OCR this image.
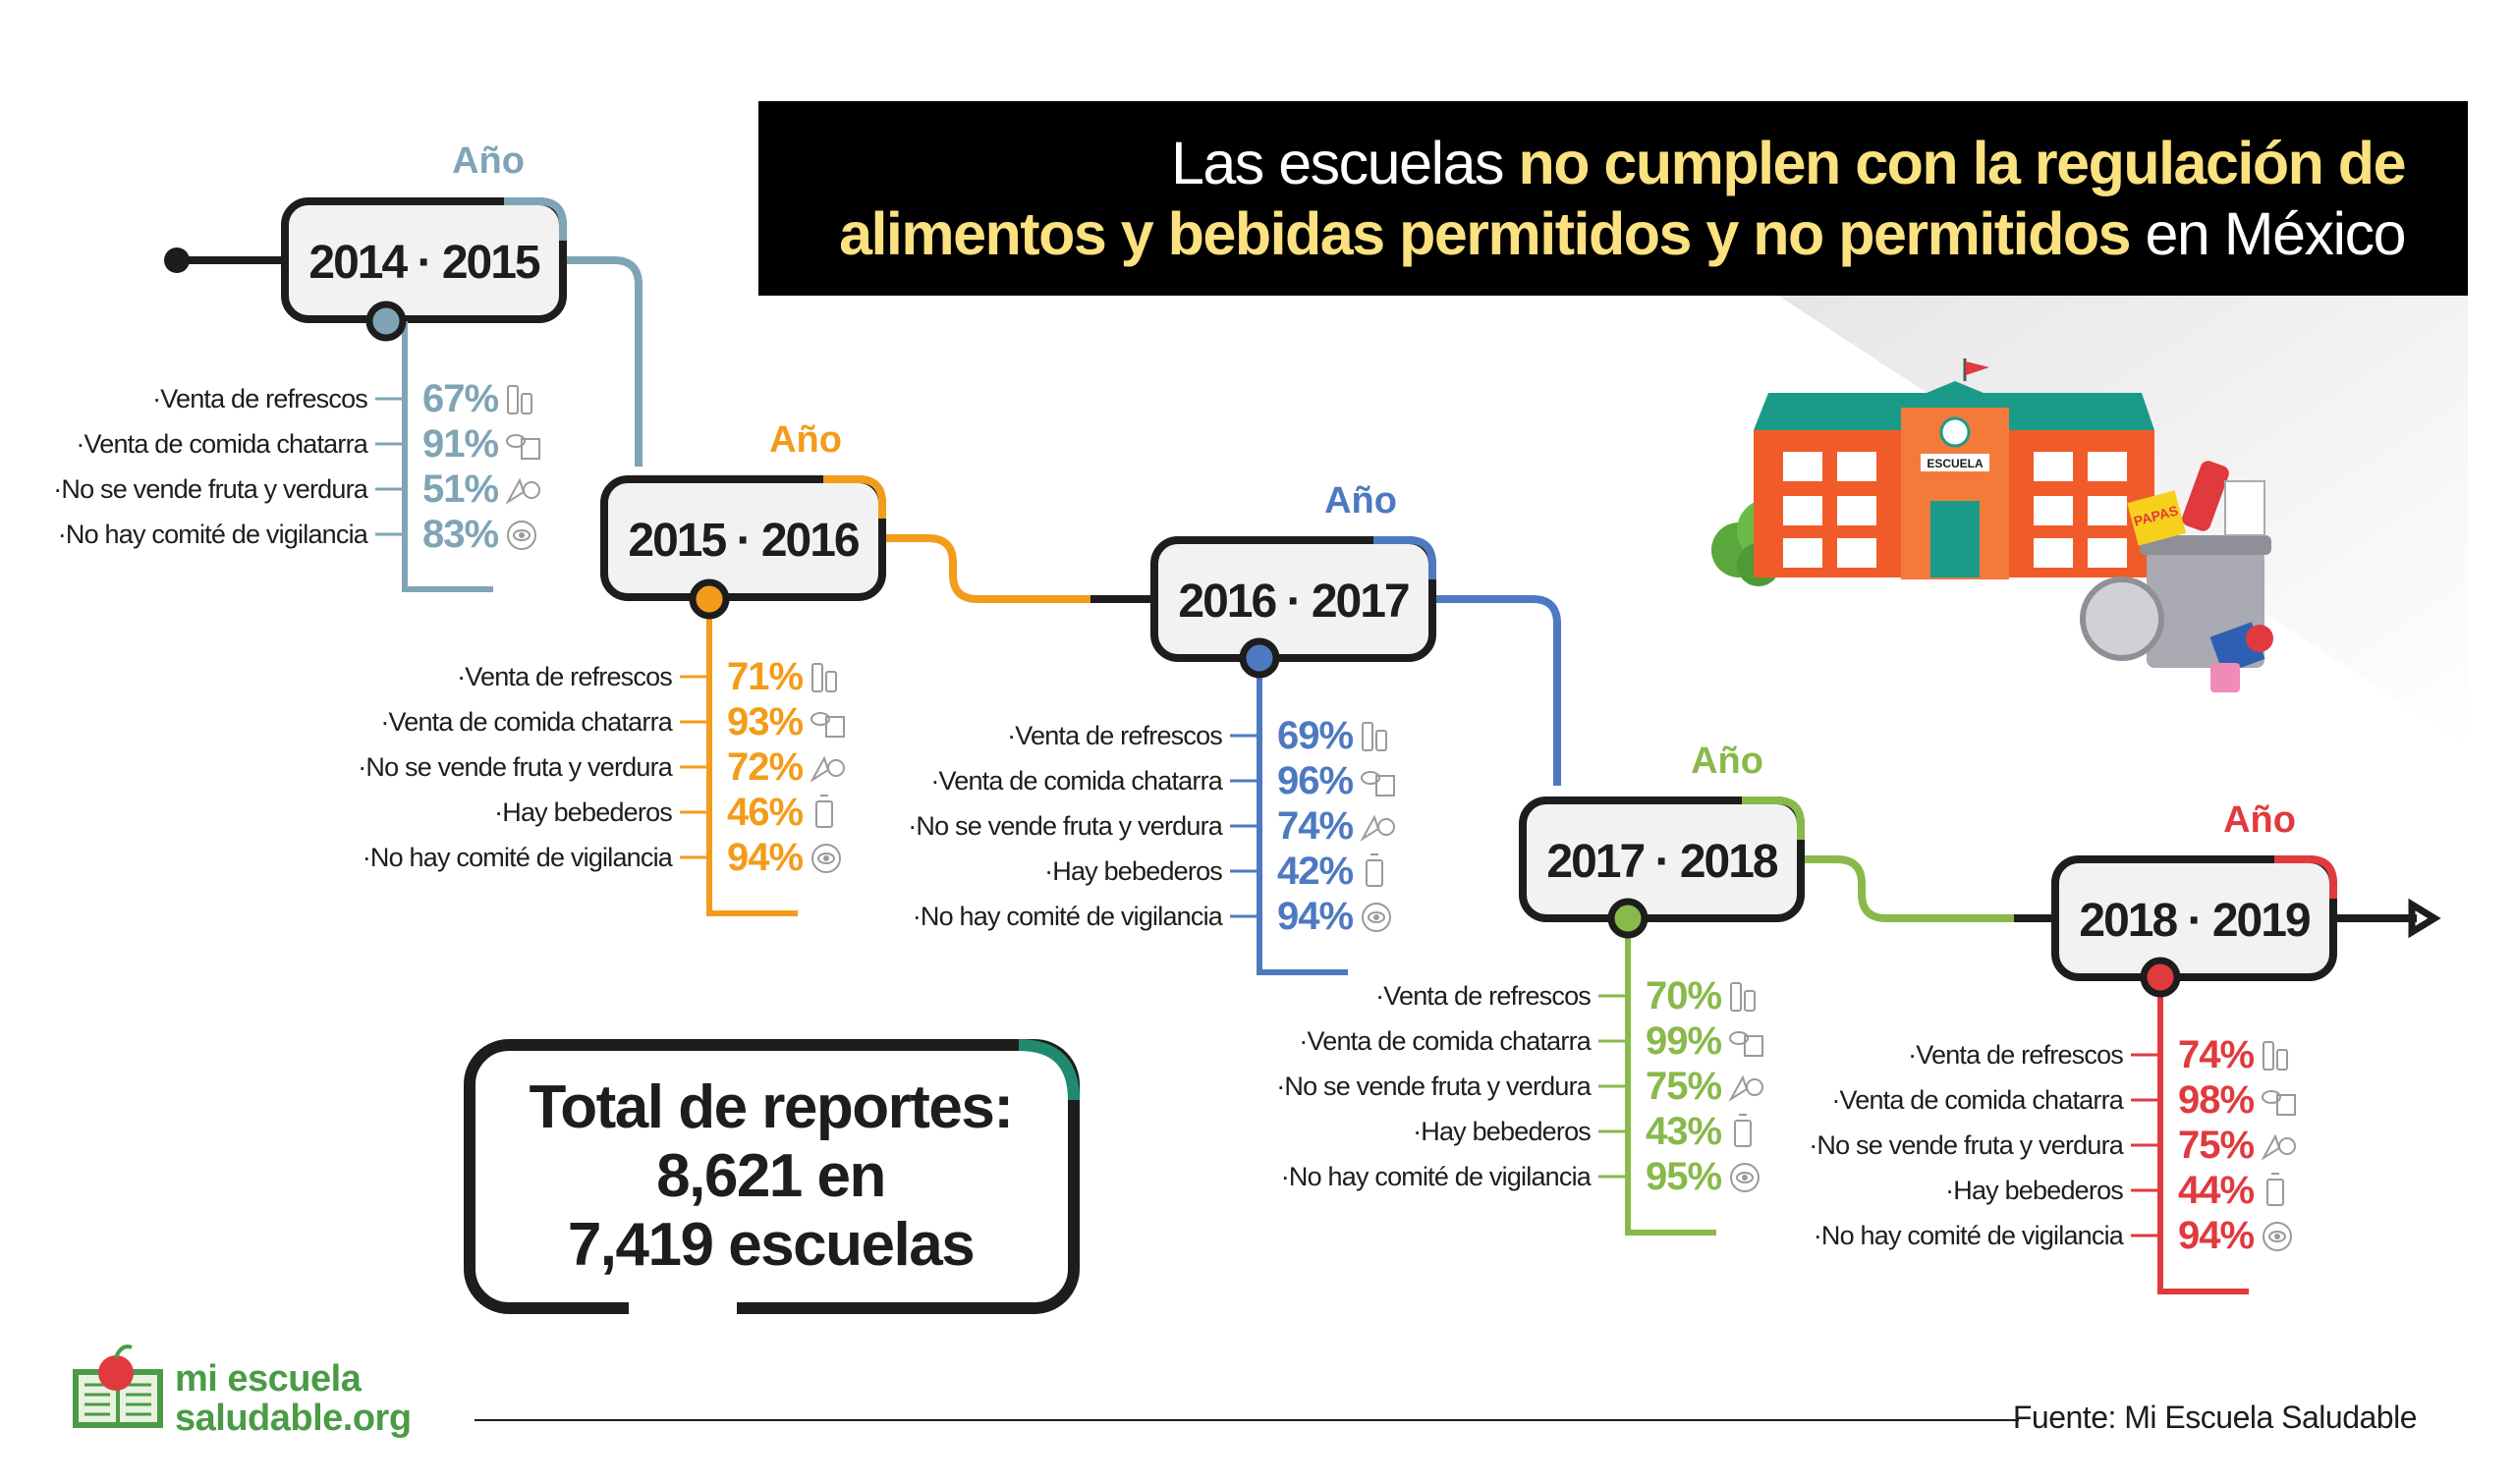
Año
2014 · 2015
·Venta de refrescos 67%
·Venta de comida chatarra 91%
·No se vende fruta y verdura 51%
·No hay comité de vigilancia 83%
Año
2015 · 2016
·Venta de refrescos 71%
·Venta de comida chatarra 93%
·No se vende fruta y verdura 72%
·Hay bebederos 46%
·No hay comité de vigilancia 94%
Año
2016 · 2017
·Venta de refrescos 69%
·Venta de comida chatarra 96%
·No se vende fruta y verdura 74%
·Hay bebederos 42%
·No hay comité de vigilancia 94%
Año
2017 · 2018
·Venta de refrescos 70%
·Venta de comida chatarra 99%
·No se vende fruta y verdura 75%
·Hay bebederos 43%
·No hay comité de vigilancia 95%
Año
2018 · 2019
·Venta de refrescos 74%
·Venta de comida chatarra 98%
·No se vende fruta y verdura 75%
·Hay bebederos 44%
·No hay comité de vigilancia 94%
ESCUELA
PAPAS
Las escuelas no cumplen con la regulación de
alimentos y bebidas permitidos y no permitidos en México
Total de reportes:
8,621 en
7,419 escuelas
mi escuela
saludable.org	Fuente: Mi Escuela Saludable
